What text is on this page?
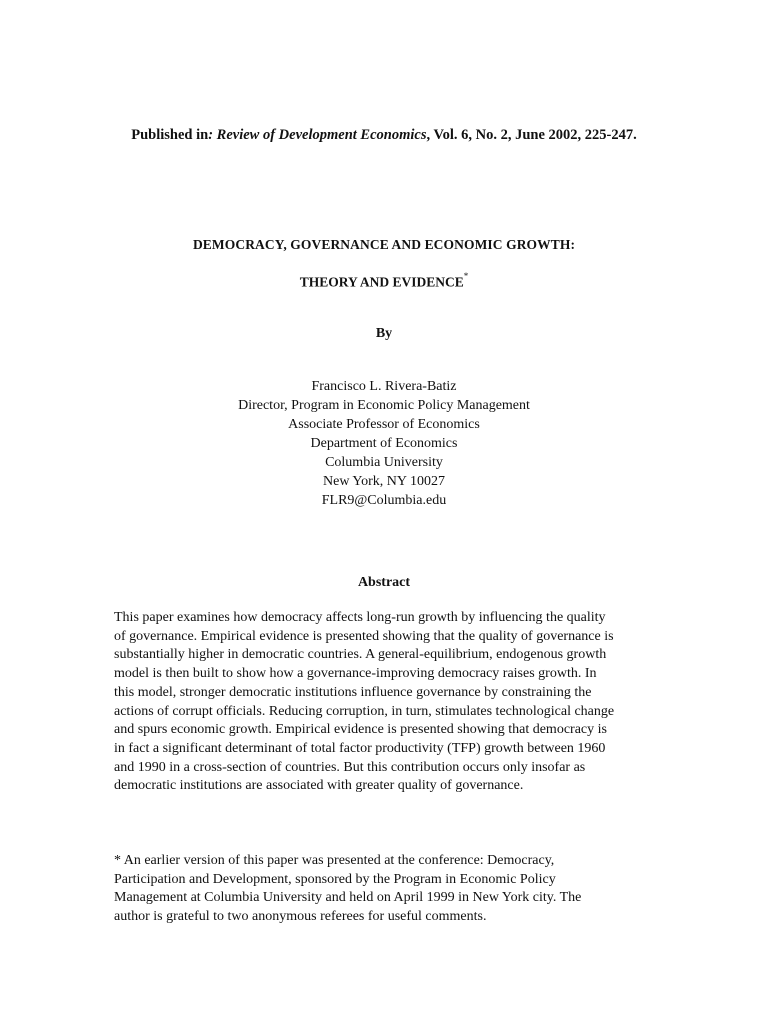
Published in: Review of Development Economics, Vol. 6, No. 2, June 2002, 225-247.
DEMOCRACY, GOVERNANCE AND ECONOMIC GROWTH:
THEORY AND EVIDENCE*
By
Francisco L. Rivera-Batiz
Director, Program in Economic Policy Management
Associate Professor of Economics
Department of Economics
Columbia University
New York, NY 10027
FLR9@Columbia.edu
Abstract
This paper examines how democracy affects long-run growth by influencing the quality
of governance. Empirical evidence is presented showing that the quality of governance is
substantially higher in democratic countries. A general-equilibrium, endogenous growth
model is then built to show how a governance-improving democracy raises growth. In
this model, stronger democratic institutions influence governance by constraining the
actions of corrupt officials. Reducing corruption, in turn, stimulates technological change
and spurs economic growth. Empirical evidence is presented showing that democracy is
in fact a significant determinant of total factor productivity (TFP) growth between 1960
and 1990 in a cross-section of countries. But this contribution occurs only insofar as
democratic institutions are associated with greater quality of governance.
* An earlier version of this paper was presented at the conference: Democracy,
Participation and Development, sponsored by the Program in Economic Policy
Management at Columbia University and held on April 1999 in New York city. The
author is grateful to two anonymous referees for useful comments.
